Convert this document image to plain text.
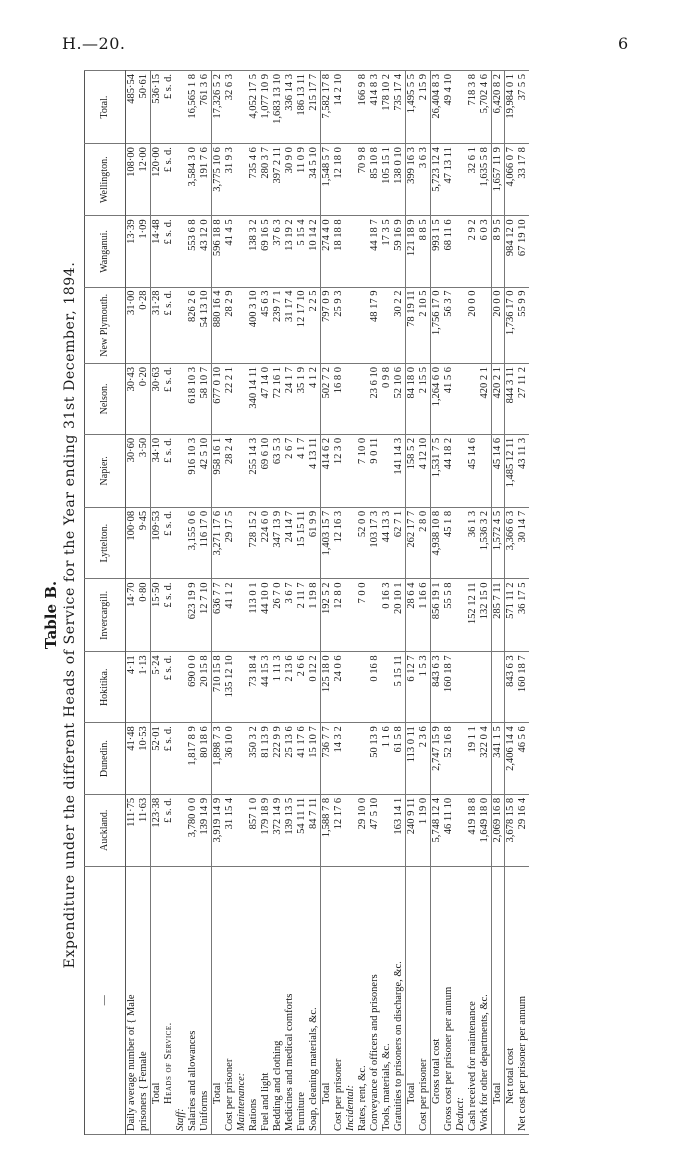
H.—20.	6
Table B. Expenditure under the different Heads of Service for the Year ending 31st December, 1894.
—	Auckland.	Dunedin.	Hokitika.	Invercargill.	Lyttelton.	Napier.	Nelson.	New Plymouth.	Wanganui.	Wellington.	Total.
Daily average number of { Male	111·75	41·48	4·11	14·70	100·08	30·60	30·43	31·00	13·39	108·00	485·54
prisoners { Female	11·63	10·53	1·13	0·80	9·45	3·50	0·20	0·28	1·09	12·00	50·61
Total	123·38	52·01	5·24	15·50	109·53	34·10	30·63	31·28	14·48	120·00	536·15
Heads of Service.	£ s. d.	£ s. d.	£ s. d.	£ s. d.	£ s. d.	£ s. d.	£ s. d.	£ s. d.	£ s. d.	£ s. d.	£ s. d.
Staff:											
Salaries and allowances	3,780 0 0	1,817 8 9	690 0 0	623 19 9	3,155 0 6	916 10 3	618 10 3	826 2 6	553 6 8	3,584 3 0	16,565 1 8
Uniforms	139 14 9	80 18 6	20 15 8	12 7 10	116 17 0	42 5 10	58 10 7	54 13 10	43 12 0	191 7 6	761 3 6
Total	3,919 14 9	1,898 7 3	710 15 8	636 7 7	3,271 17 6	958 16 1	677 0 10	880 16 4	596 18 8	3,775 10 6	17,326 5 2
Cost per prisoner	31 15 4	36 10 0	135 12 10	41 1 2	29 17 5	28 2 4	22 2 1	28 2 9	41 4 5	31 9 3	32 6 3
Maintenance:											
Rations	857 1 0	350 3 2	73 18 4	113 0 1	728 15 2	255 14 3	340 14 11	400 3 10	138 3 2	735 4 6	4,052 17 5
Fuel and light	179 18 9	81 13 9	44 15 3	44 10 0	224 6 0	69 6 10	47 14 0	45 6 3	69 16 5	280 3 7	1,077 10 9
Bedding and clothing	372 14 9	222 9 9	1 11 3	26 7 0	347 13 9	63 5 3	72 16 1	239 7 1	37 6 3	397 2 11	1,683 13 10
Medicines and medical comforts	139 13 5	25 13 6	2 13 6	3 6 7	24 14 7	2 6 7	24 1 7	31 17 4	13 19 2	30 9 0	336 14 3
Furniture	54 11 11	41 17 6	2 6 6	2 11 7	15 15 11	4 1 7	35 1 9	12 17 10	5 15 4	11 0 9	186 13 11
Soap, cleaning materials, &c.	84 7 11	15 10 7	0 12 2	1 19 8	61 9 9	4 13 11	4 1 2	2 2 5	10 14 2	34 5 10	215 17 7
Total	1,588 7 8	736 7 7	125 18 0	192 5 2	1,403 15 7	414 6 2	502 7 2	797 0 9	274 4 0	1,548 5 7	7,582 17 8
Cost per prisoner	12 17 6	14 3 2	24 0 6	12 8 0	12 16 3	12 3 0	16 8 0	25 9 3	18 18 8	12 18 0	14 2 10
Incidental:											
Rates, rent, &c.	29 10 0			7 0 0	52 0 0	7 10 0				70 9 8	166 9 8
Conveyance of officers and prisoners	47 5 10	50 13 9	0 16 8		103 17 3	9 0 11	23 6 10	48 17 9	44 18 7	85 10 8	414 8 3
Tools, materials, &c.		1 1 6		0 16 3	44 13 3		0 9 8		17 3 5	105 15 1	178 10 2
Gratuities to prisoners on discharge, &c.	163 14 1	61 5 8	5 15 11	20 10 1	62 7 1	141 14 3	52 10 6	30 2 2	59 16 9	138 0 10	735 17 4
Total	240 9 11	113 0 11	6 12 7	28 6 4	262 17 7	158 5 2	84 18 0	78 19 11	121 18 9	399 16 3	1,495 5 5
Cost per prisoner	1 19 0	2 3 6	1 5 3	1 16 6	2 8 0	4 12 10	2 15 5	2 10 5	8 8 5	3 6 3	2 15 9
Gross total cost	5,748 12 4	2,747 15 9	843 6 3	856 19 1	4,938 10 8	1,531 7 5	1,264 6 0	1,756 17 0	993 1 5	5,723 12 4	26,404 8 3
Gross cost per prisoner per annum	46 11 10	52 16 8	160 18 7	55 5 8	45 1 8	44 18 2	41 5 6	56 3 7	68 11 6	47 13 11	49 4 10
Deduct:											
Cash received for maintenance	419 18 8	19 1 1		152 12 11	36 1 3	45 14 6		20 0 0	2 9 2	32 6 1	718 3 8
Work for other departments, &c.	1,649 18 0	322 0 4		132 15 0	1,536 3 2		420 2 1		6 0 3	1,635 5 8	5,702 4 6
Total	2,069 16 8	341 1 5		285 7 11	1,572 4 5	45 14 6	420 2 1	20 0 0	8 9 5	1,657 11 9	6,420 8 2
Net total cost	3,678 15 8	2,406 14 4	843 6 3	571 11 2	3,366 6 3	1,485 12 11	844 3 11	1,736 17 0	984 12 0	4,066 0 7	19,984 0 1
Net cost per prisoner per annum	29 16 4	46 5 6	160 18 7	36 17 5	30 14 7	43 11 3	27 11 2	55 9 9	67 19 10	33 17 8	37 5 5
